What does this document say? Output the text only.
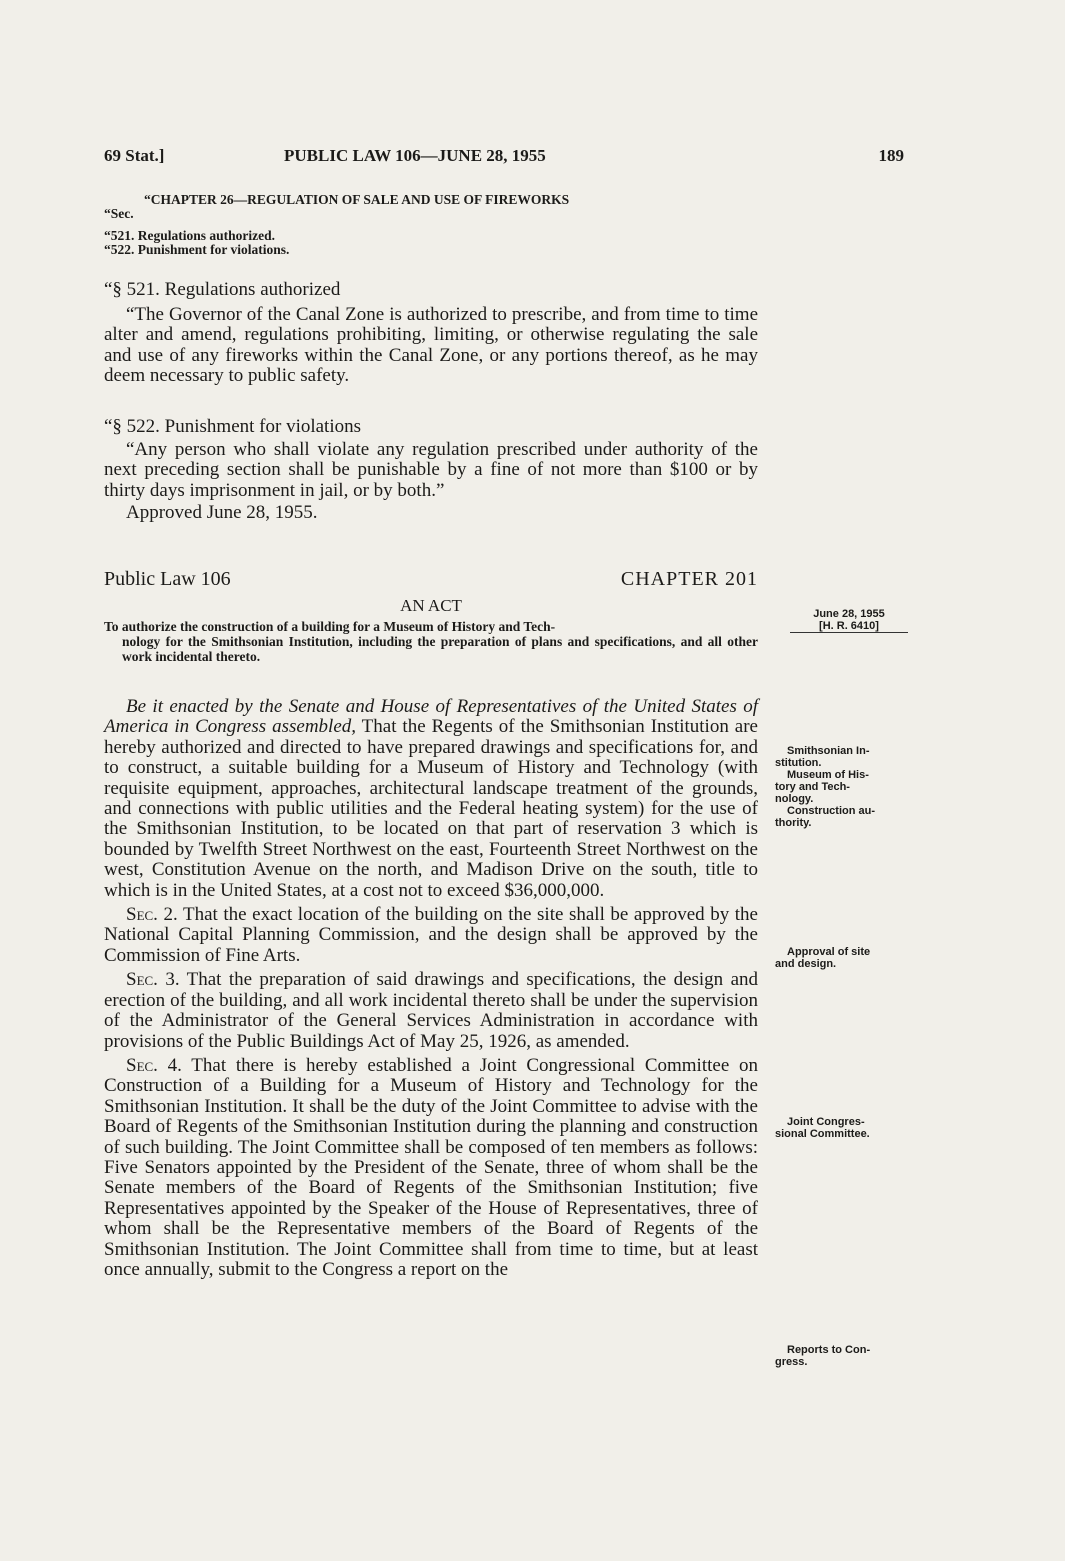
69 Stat.]	PUBLIC LAW 106—JUNE 28, 1955	189
“CHAPTER 26—REGULATION OF SALE AND USE OF FIREWORKS
“Sec.
“521. Regulations authorized.
“522. Punishment for violations.

“§ 521. Regulations authorized

“The Governor of the Canal Zone is authorized to prescribe, and from time to time alter and amend, regulations prohibiting, limiting, or otherwise regulating the sale and use of any fireworks within the Canal Zone, or any portions thereof, as he may deem necessary to public safety.

“§ 522. Punishment for violations

“Any person who shall violate any regulation prescribed under authority of the next preceding section shall be punishable by a fine of not more than $100 or by thirty days imprisonment in jail, or by both.”

Approved June 28, 1955.

Public Law 106	CHAPTER 201
AN ACT
To authorize the construction of a building for a Museum of History and Tech-
nology for the Smithsonian Institution, including the preparation of plans and specifications, and all other work incidental thereto.
June 28, 1955
[H. R. 6410]

Be it enacted by the Senate and House of Representatives of the United States of America in Congress assembled, That the Regents of the Smithsonian Institution are hereby authorized and directed to have prepared drawings and specifications for, and to construct, a suitable building for a Museum of History and Technology (with requisite equipment, approaches, architectural landscape treatment of the grounds, and connections with public utilities and the Federal heating system) for the use of the Smithsonian Institution, to be located on that part of reservation 3 which is bounded by Twelfth Street Northwest on the east, Fourteenth Street Northwest on the west, Constitution Avenue on the north, and Madison Drive on the south, title to which is in the United States, at a cost not to exceed $36,000,000.

Sec. 2. That the exact location of the building on the site shall be approved by the National Capital Planning Commission, and the design shall be approved by the Commission of Fine Arts.

Sec. 3. That the preparation of said drawings and specifications, the design and erection of the building, and all work incidental thereto shall be under the supervision of the Administrator of the General Services Administration in accordance with provisions of the Public Buildings Act of May 25, 1926, as amended.

Sec. 4. That there is hereby established a Joint Congressional Committee on Construction of a Building for a Museum of History and Technology for the Smithsonian Institution. It shall be the duty of the Joint Committee to advise with the Board of Regents of the Smithsonian Institution during the planning and construction of such building. The Joint Committee shall be composed of ten members as follows: Five Senators appointed by the President of the Senate, three of whom shall be the Senate members of the Board of Regents of the Smithsonian Institution; five Representatives appointed by the Speaker of the House of Representatives, three of whom shall be the Representative members of the Board of Regents of the Smithsonian Institution. The Joint Committee shall from time to time, but at least once annually, submit to the Congress a report on the

Smithsonian In-
stitution.
Museum of His-
tory and Tech-
nology.
Construction au-
thority.
Approval of site
and design.
Joint Congres-
sional Committee.
Reports to Con-
gress.
